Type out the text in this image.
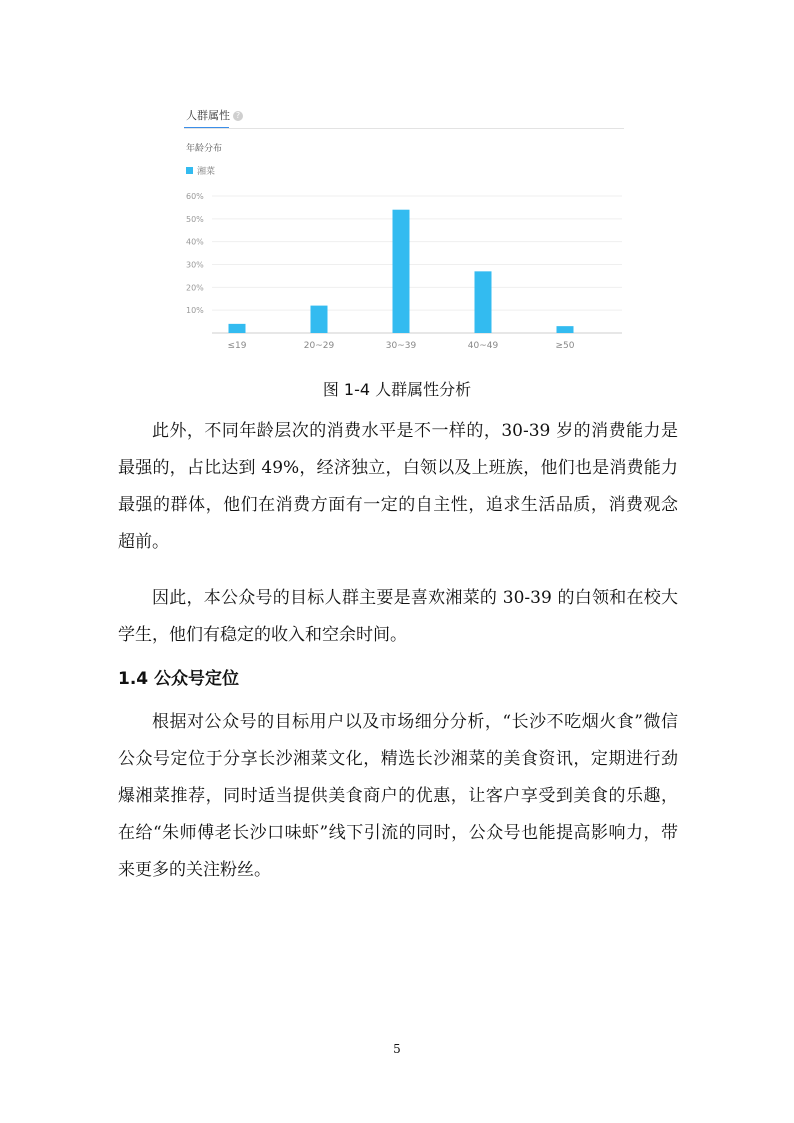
人群属性 ?
年龄分布
湘菜
10%
20%
30%
40%
50%
60%
≤19	20~29	30~39	40~49	≥50
图 1-4 人群属性分析

此外，不同年龄层次的消费水平是不一样的，30-39 岁的消费能力是最强的，占比达到 49%，经济独立，白领以及上班族，他们也是消费能力最强的群体，他们在消费方面有一定的自主性，追求生活品质，消费观念超前。

因此，本公众号的目标人群主要是喜欢湘菜的 30-39 的白领和在校大学生，他们有稳定的收入和空余时间。

1.4 公众号定位

根据对公众号的目标用户以及市场细分分析，“长沙不吃烟火食”微信公众号定位于分享长沙湘菜文化，精选长沙湘菜的美食资讯，定期进行劲爆湘菜推荐，同时适当提供美食商户的优惠，让客户享受到美食的乐趣，在给“朱师傅老长沙口味虾”线下引流的同时，公众号也能提高影响力，带来更多的关注粉丝。

5
